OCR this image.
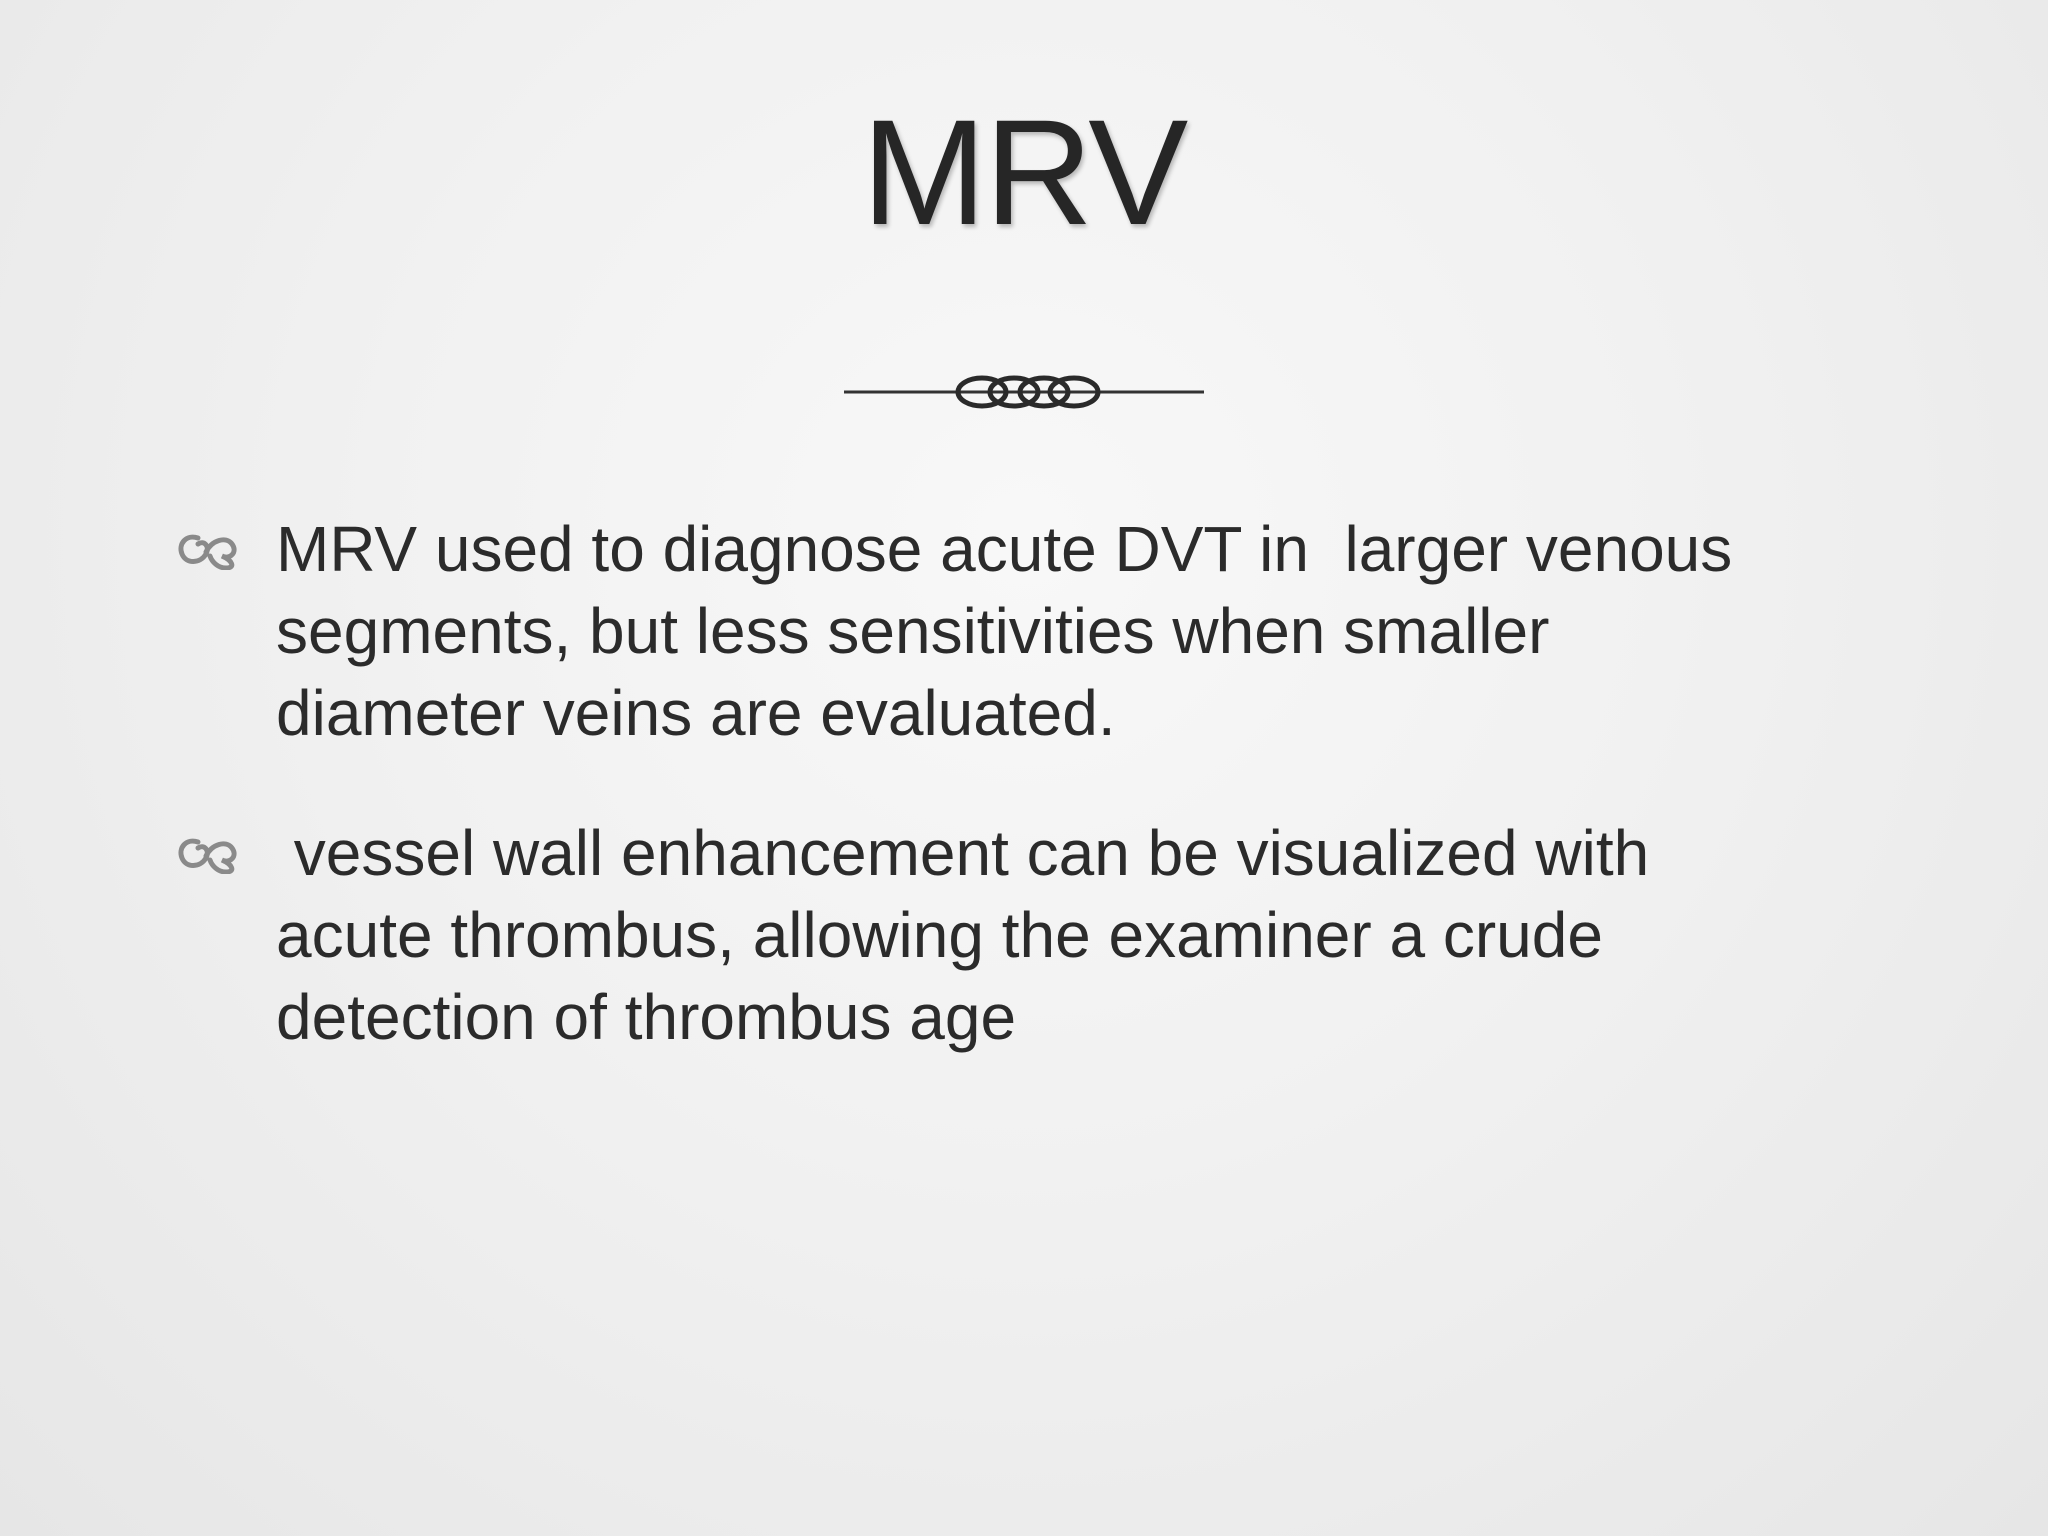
MRV
MRV used to diagnose acute DVT in  larger venous
segments, but less sensitivities when smaller
diameter veins are evaluated.
vessel wall enhancement can be visualized with
acute thrombus, allowing the examiner a crude
detection of thrombus age
